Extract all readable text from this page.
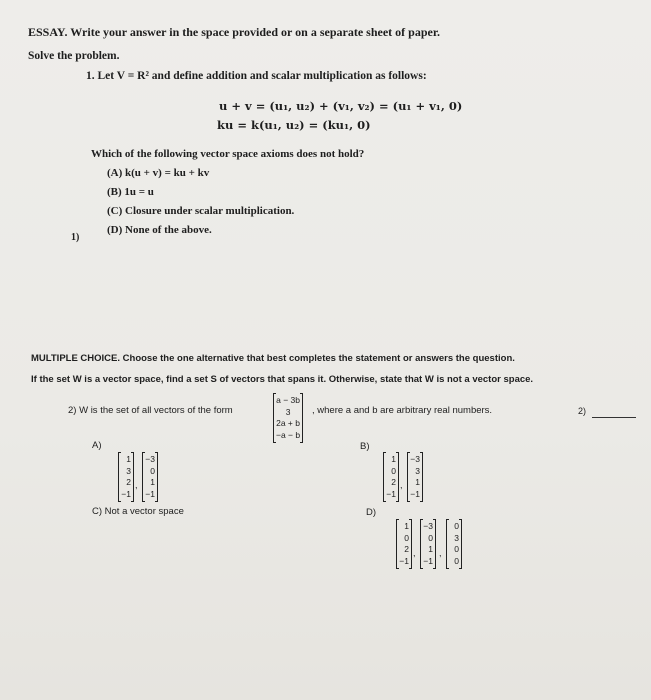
ESSAY. Write your answer in the space provided or on a separate sheet of paper.
Solve the problem.
1. Let V = R² and define addition and scalar multiplication as follows:
u + v = (u₁, u₂) + (v₁, v₂) = (u₁ + v₁, 0)
ku = k(u₁, u₂) = (ku₁, 0)
Which of the following vector space axioms does not hold?
(A) k(u + v) = ku + kv
(B) 1u = u
(C) Closure under scalar multiplication.
(D) None of the above.
1)
MULTIPLE CHOICE. Choose the one alternative that best completes the statement or answers the question.
If the set W is a vector space, find a set S of vectors that spans it. Otherwise, state that W is not a vector space.
2) W is the set of all vectors of the form
a − 3b
3
2a + b
−a − b
, where a and b are arbitrary real numbers.	2)
A)
1
3
2
−1
,
−3
0
1
−1
B)
1
0
2
−1
,
−3
3
1
−1
C) Not a vector space	D)
1
0
2
−1
,
−3
0
1
−1
,
0
3
0
0
